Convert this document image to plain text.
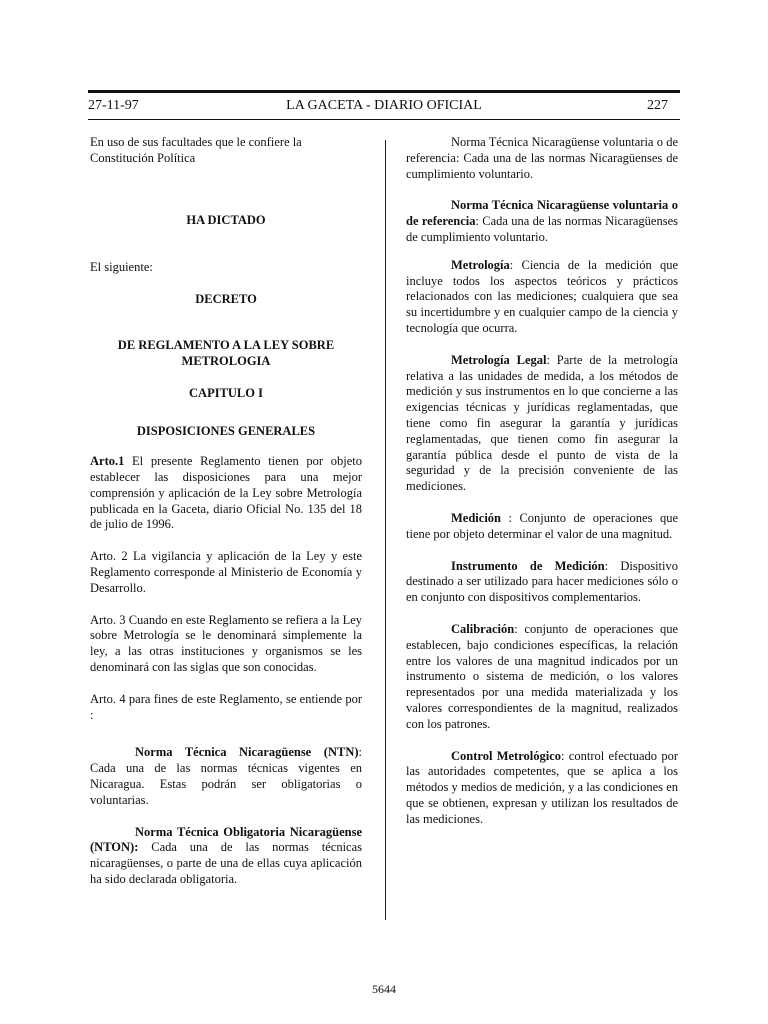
27-11-97	LA GACETA - DIARIO OFICIAL	227

En uso de sus facultades que le confiere la Constitución Política

HA DICTADO

El siguiente:

DECRETO

DE REGLAMENTO A LA LEY SOBRE METROLOGIA

CAPITULO I

DISPOSICIONES GENERALES

Arto.1 El presente Reglamento tienen por objeto establecer las disposiciones para una mejor comprensión y aplicación de la Ley sobre Metrología publicada en la Gaceta, diario Oficial No. 135 del 18 de julio de 1996.

Arto. 2 La vigilancia y aplicación de la Ley y este Reglamento corresponde al Ministerio de Economía y Desarrollo.

Arto. 3 Cuando en este Reglamento se refiera a la Ley sobre Metrología se le denominará simplemente la ley, a las otras instituciones y organismos se les denominará con las siglas que son conocidas.

Arto. 4 para fines de este Reglamento, se entiende por :

Norma Técnica Nicaragüense (NTN): Cada una de las normas técnicas vigentes en Nicaragua. Estas podrán ser obligatorias o voluntarias.

Norma Técnica Obligatoria Nicaragüense (NTON): Cada una de las normas técnicas nicaragüenses, o parte de una de ellas cuya aplicación ha sido declarada obligatoria.

Norma Técnica Nicaragüense voluntaria o de referencia: Cada una de las normas Nicaragüenses de cumplimiento voluntario.

Norma Técnica Nicaragüense voluntaria o de referencia: Cada una de las normas Nicaragüenses de cumplimiento voluntario.

Metrología: Ciencia de la medición que incluye todos los aspectos teóricos y prácticos relacionados con las mediciones; cualquiera que sea su incertidumbre y en cualquier campo de la ciencia y tecnología que ocurra.

Metrología Legal: Parte de la metrología relativa a las unidades de medida, a los métodos de medición y sus instrumentos en lo que concierne a las exigencias técnicas y jurídicas reglamentadas, que tiene como fin asegurar la garantía y jurídicas reglamentadas, que tienen como fin asegurar la garantía pública desde el punto de vista de la seguridad y de la precisión conveniente de las mediciones.

Medición : Conjunto de operaciones que tiene por objeto determinar el valor de una magnitud.

Instrumento de Medición: Dispositivo destinado a ser utilizado para hacer mediciones sólo o en conjunto con dispositivos complementarios.

Calibración: conjunto de operaciones que establecen, bajo condiciones específicas, la relación entre los valores de una magnitud indicados por un instrumento o sistema de medición, o los valores representados por una medida materializada y los valores correspondientes de la magnitud, realizados con los patrones.

Control Metrológico: control efectuado por las autoridades competentes, que se aplica a los métodos y medios de medición, y a las condiciones en que se obtienen, expresan y utilizan los resultados de las mediciones.

5644
